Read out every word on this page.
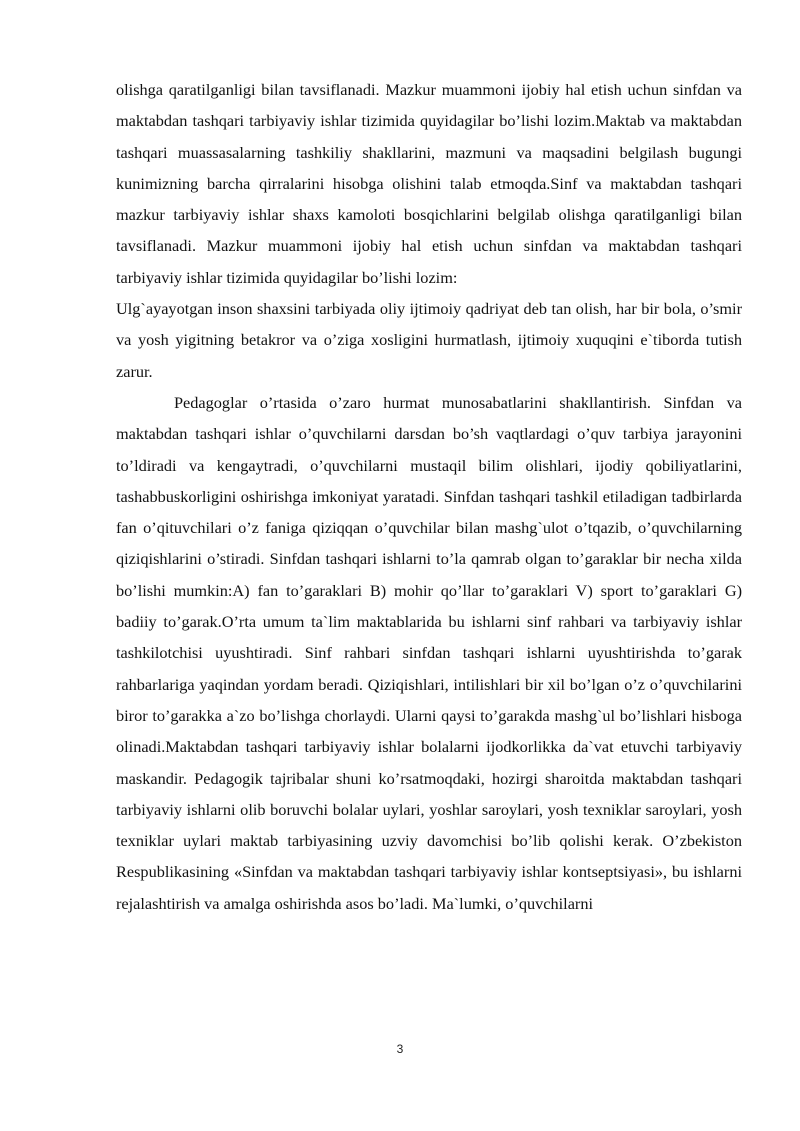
olishga qaratilganligi bilan tavsiflanadi. Mazkur muammoni ijobiy hal etish uchun sinfdan va maktabdan tashqari tarbiyaviy ishlar tizimida quyidagilar bo’lishi lozim.Maktab va maktabdan tashqari muassasalarning tashkiliy shakllarini, mazmuni va maqsadini belgilash bugungi kunimizning barcha qirralarini hisobga olishini talab etmoqda.Sinf va maktabdan tashqari mazkur tarbiyaviy ishlar shaxs kamoloti bosqichlarini belgilab olishga qaratilganligi bilan tavsiflanadi. Mazkur muammoni ijobiy hal etish uchun sinfdan va maktabdan tashqari tarbiyaviy ishlar tizimida quyidagilar bo’lishi lozim:

Ulg`ayayotgan inson shaxsini tarbiyada oliy ijtimoiy qadriyat deb tan olish, har bir bola, o’smir va yosh yigitning betakror va o’ziga xosligini hurmatlash, ijtimoiy xuquqini e`tiborda tutish zarur.

Pedagoglar o’rtasida o’zaro hurmat munosabatlarini shakllantirish. Sinfdan va maktabdan tashqari ishlar o’quvchilarni darsdan bo’sh vaqtlardagi o’quv tarbiya jarayonini to’ldiradi va kengaytradi, o’quvchilarni mustaqil bilim olishlari, ijodiy qobiliyatlarini, tashabbuskorligini oshirishga imkoniyat yaratadi. Sinfdan tashqari tashkil etiladigan tadbirlarda fan o’qituvchilari o’z faniga qiziqqan o’quvchilar bilan mashg`ulot o’tqazib, o’quvchilarning qiziqishlarini o’stiradi. Sinfdan tashqari ishlarni to’la qamrab olgan to’garaklar bir necha xilda bo’lishi mumkin:A) fan to’garaklari B) mohir qo’llar to’garaklari V) sport to’garaklari G) badiiy to’garak.O’rta umum ta`lim maktablarida bu ishlarni sinf rahbari va tarbiyaviy ishlar tashkilotchisi uyushtiradi. Sinf rahbari sinfdan tashqari ishlarni uyushtirishda to’garak rahbarlariga yaqindan yordam beradi. Qiziqishlari, intilishlari bir xil bo’lgan o’z o’quvchilarini biror to’garakka a`zo bo’lishga chorlaydi. Ularni qaysi to’garakda mashg`ul bo’lishlari hisboga olinadi.Maktabdan tashqari tarbiyaviy ishlar bolalarni ijodkorlikka da`vat etuvchi tarbiyaviy maskandir. Pedagogik tajribalar shuni ko’rsatmoqdaki, hozirgi sharoitda maktabdan tashqari tarbiyaviy ishlarni olib boruvchi bolalar uylari, yoshlar saroylari, yosh texniklar saroylari, yosh texniklar uylari maktab tarbiyasining uzviy davomchisi bo’lib qolishi kerak. O’zbekiston Respublikasining «Sinfdan va maktabdan tashqari tarbiyaviy ishlar kontseptsiyasi», bu ishlarni rejalashtirish va amalga oshirishda asos bo’ladi. Ma`lumki, o’quvchilarni

3
